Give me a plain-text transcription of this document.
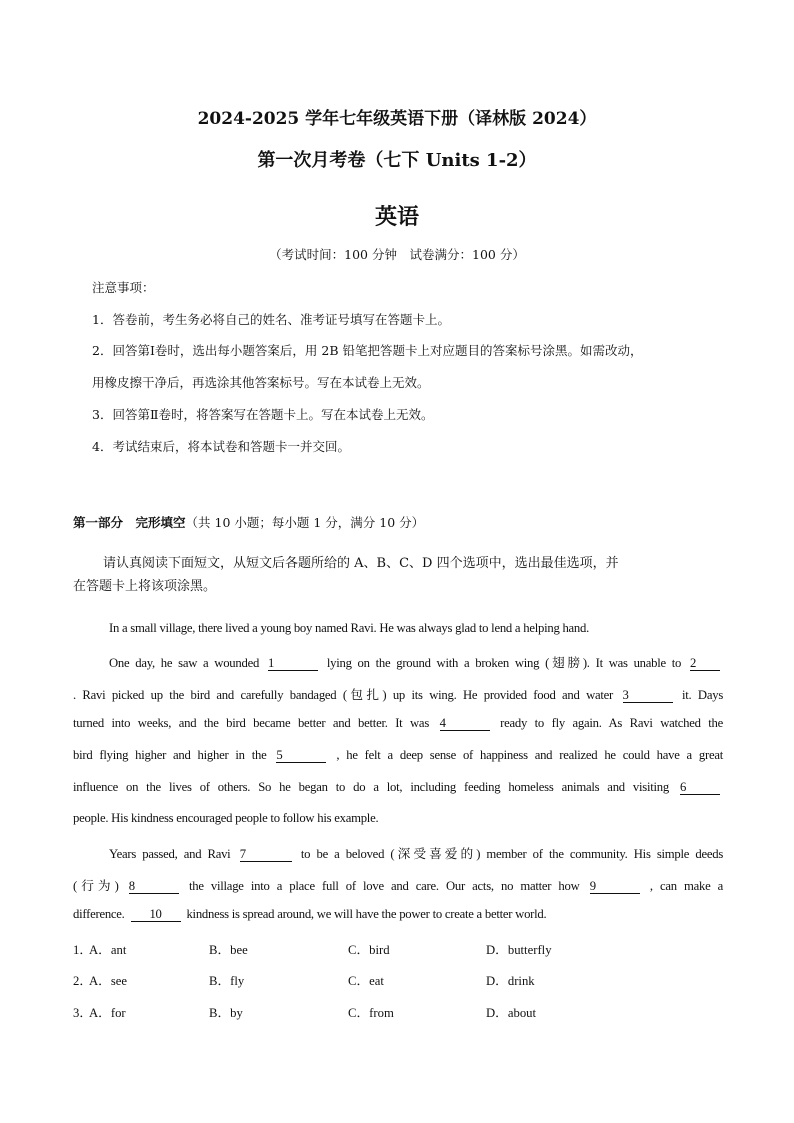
2024-2025 学年七年级英语下册（译林版 2024）
第一次月考卷（七下 Units 1-2）
英语
（考试时间：100 分钟　试卷满分：100 分）
注意事项：
1．答卷前，考生务必将自己的姓名、准考证号填写在答题卡上。
2．回答第Ⅰ卷时，选出每小题答案后，用 2B 铅笔把答题卡上对应题目的答案标号涂黑。如需改动，
用橡皮擦干净后，再选涂其他答案标号。写在本试卷上无效。
3．回答第Ⅱ卷时，将答案写在答题卡上。写在本试卷上无效。
4．考试结束后，将本试卷和答题卡一并交回。
第一部分　完形填空（共 10 小题；每小题 1 分，满分 10 分）
请认真阅读下面短文，从短文后各题所给的 A、B、C、D 四个选项中，选出最佳选项，并
在答题卡上将该项涂黑。
In a small village, there lived a young boy named Ravi. He was always glad to lend a helping hand.
One day, he saw a wounded 1	lying on the ground with a broken wing (翅膀). It was unable to 2
. Ravi picked up the bird and carefully bandaged (包扎) up its wing. He provided food and water 3	it. Days
turned into weeks, and the bird became better and better. It was 4	ready to fly again. As Ravi watched the
bird flying higher and higher in the 5	, he felt a deep sense of happiness and realized he could have a great
influence on the lives of others. So he began to do a lot, including feeding homeless animals and visiting 6
people. His kindness encouraged people to follow his example.
Years passed, and Ravi 7	to be a beloved (深受喜爱的) member of the community. His simple deeds
(行为) 8	the village into a place full of love and care. Our acts, no matter how 9	, can make a
difference. 10 kindness is spread around, we will have the power to create a better world.
1．
A．ant	B．bee	C．bird	D．butterfly
2．
A．see	B．fly	C．eat	D．drink
3．
A．for	B．by	C．from	D．about
